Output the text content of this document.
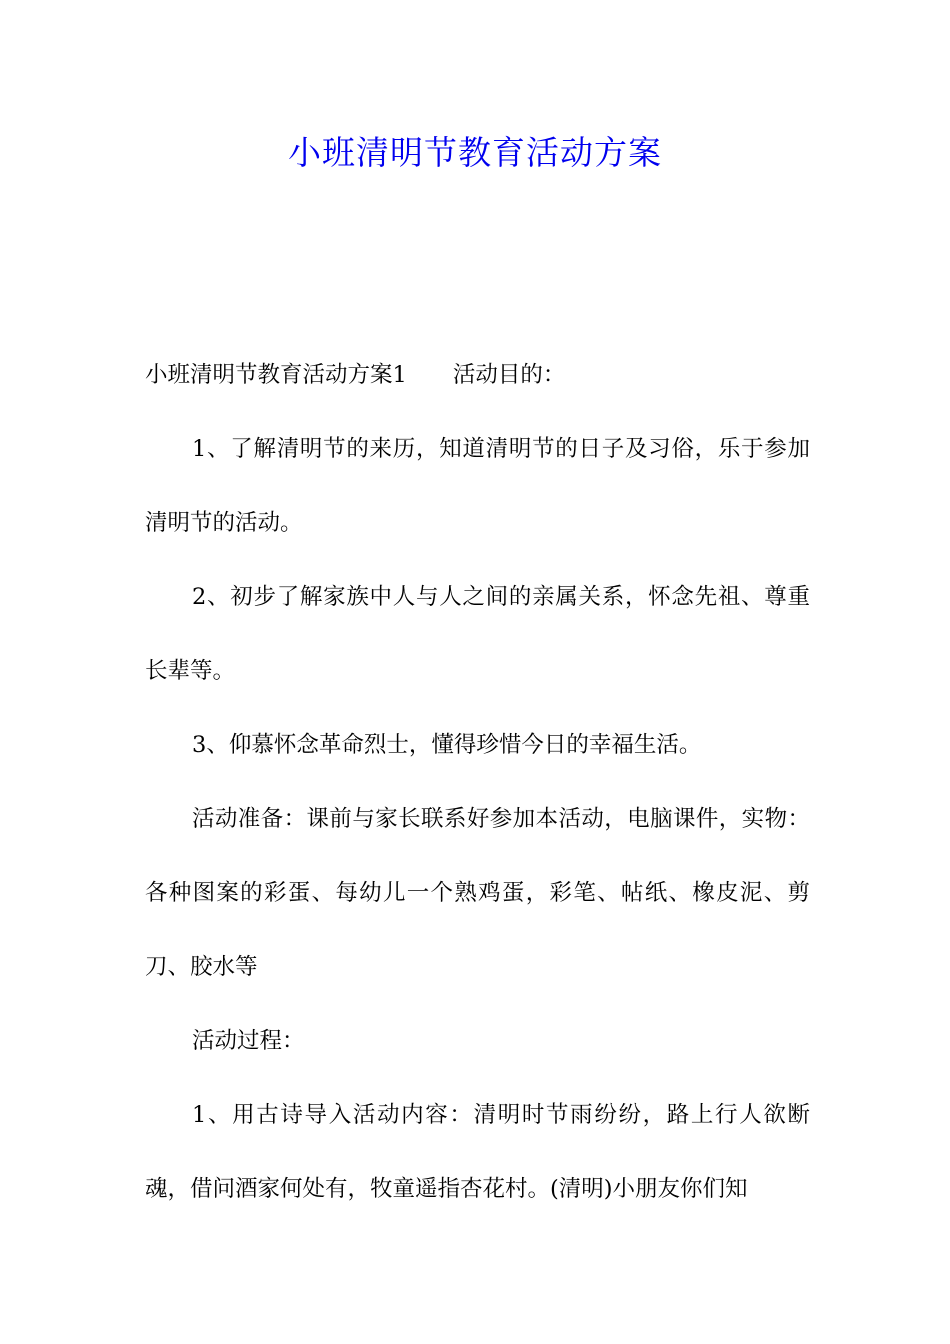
小班清明节教育活动方案

小班清明节教育活动方案1 活动目的：

1、了解清明节的来历，知道清明节的日子及习俗，乐于参加清明节的活动。

2、初步了解家族中人与人之间的亲属关系，怀念先祖、尊重长辈等。

3、仰慕怀念革命烈士，懂得珍惜今日的幸福生活。

活动准备：课前与家长联系好参加本活动，电脑课件，实物：各种图案的彩蛋、每幼儿一个熟鸡蛋，彩笔、帖纸、橡皮泥、剪刀、胶水等

活动过程：

1、用古诗导入活动内容：清明时节雨纷纷，路上行人欲断魂，借问酒家何处有，牧童遥指杏花村。(清明)小朋友你们知
